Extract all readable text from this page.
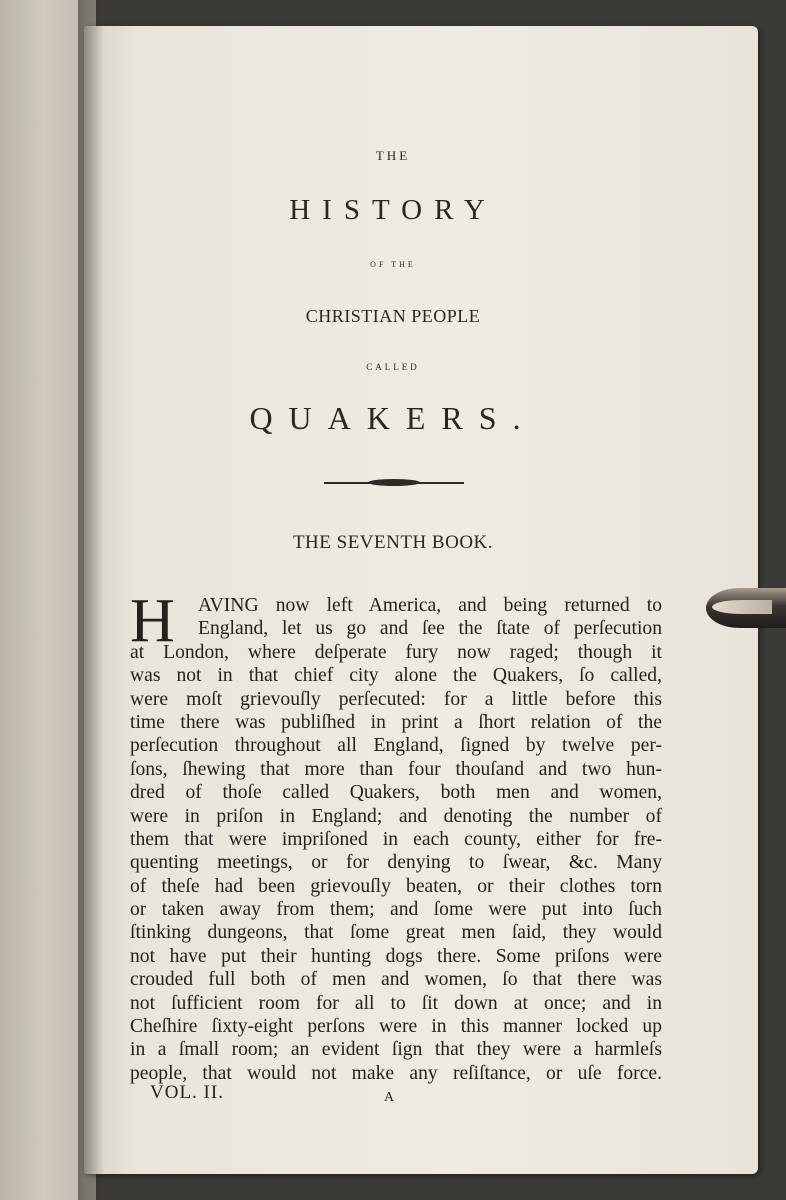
THE
HISTORY
OF THE
CHRISTIAN PEOPLE
CALLED
QUAKERS.
THE SEVENTH BOOK.
H	AVING now left America, and being returned to
England, let us go and ſee the ſtate of perſecution
at London, where deſperate fury now raged; though it
was not in that chief city alone the Quakers, ſo called,
were moſt grievouſly perſecuted: for a little before this
time there was publiſhed in print a ſhort relation of the
perſecution throughout all England, ſigned by twelve per-
ſons, ſhewing that more than four thouſand and two hun-
dred of thoſe called Quakers, both men and women,
were in priſon in England; and denoting the number of
them that were impriſoned in each county, either for fre-
quenting meetings, or for denying to ſwear, &c. Many
of theſe had been grievouſly beaten, or their clothes torn
or taken away from them; and ſome were put into ſuch
ſtinking dungeons, that ſome great men ſaid, they would
not have put their hunting dogs there. Some priſons were
crouded full both of men and women, ſo that there was
not ſufficient room for all to ſit down at once; and in
Cheſhire ſixty-eight perſons were in this manner locked up
in a ſmall room; an evident ſign that they were a harmleſs
people, that would not make any reſiſtance, or uſe force.
VOL. II.	A
